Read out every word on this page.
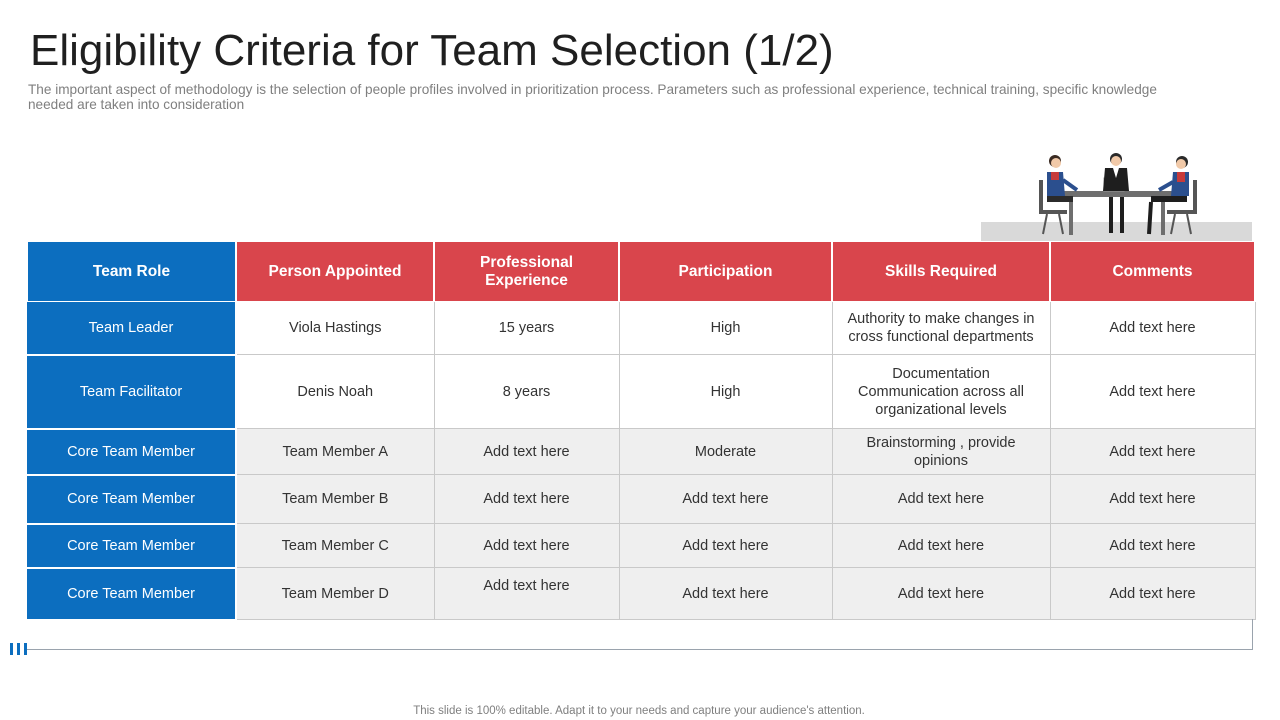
Eligibility Criteria for Team Selection (1/2)
The important aspect of methodology is the selection of people profiles involved in prioritization process. Parameters such as professional experience, technical training, specific knowledge needed are taken into consideration
Team Role	Person Appointed	Professional Experience	Participation	Skills Required	Comments
Team Leader	Viola Hastings	15 years	High	Authority to make changes in cross functional departments	Add text here
Team Facilitator	Denis Noah	8 years	High	Documentation Communication across all organizational levels	Add text here
Core Team Member	Team Member A	Add text here	Moderate	Brainstorming , provide opinions	Add text here
Core Team Member	Team Member B	Add text here	Add text here	Add text here	Add text here
Core Team Member	Team Member C	Add text here	Add text here	Add text here	Add text here
Core Team Member	Team Member D	Add text here	Add text here	Add text here	Add text here
This slide is 100% editable. Adapt it to your needs and capture your audience's attention.
